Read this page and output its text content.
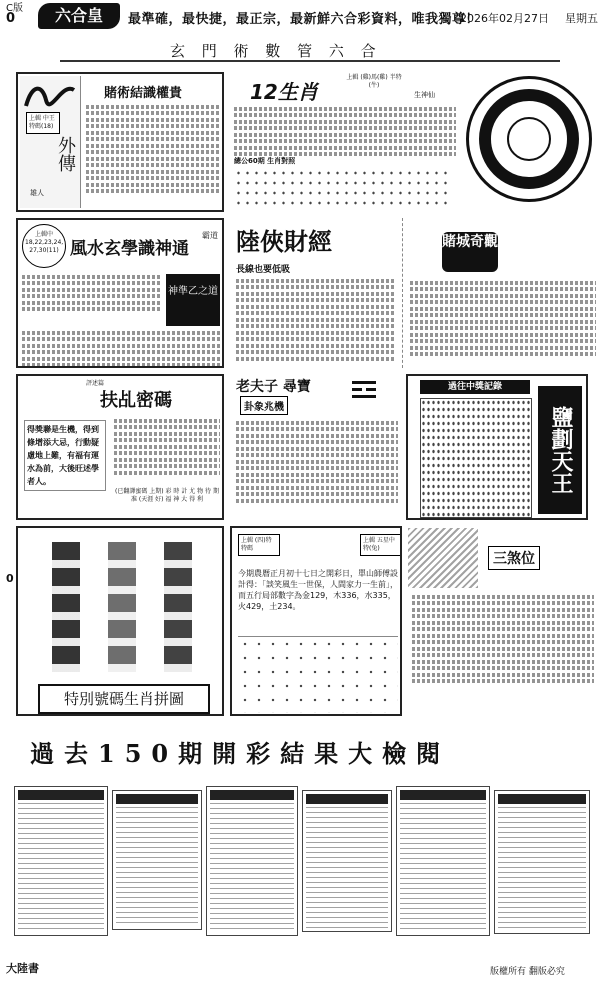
C版
0	六合皇	最準確，最快捷，最正宗，最新鮮六合彩資料，唯我獨尊！
2026年02月27日 星期五
玄 門 術 數 管 六 合
0
上輯 中王 特碼(18)
外傳
雄人
賭術結識權貴	12生肖
上輯 (雞)馬(雞) 半特(牛)
生神仙
總公60期 生肖對照
上輯中 18,22,23,24, 27,30(11) 風水玄學識神通
霸道
神準乙之道
陸俠財經
長線也要低吸
賭城奇觀
評述篇
扶乩密碼
得獎聯是生機，得到條增添大忌，行動疑慮地上難，有福有運水為前，大後旺述學者人。
(已翻譯蜜碼 上期) 彩 時 計 尤 物 待 期 准 (天涯 好) 福 神 大 得 利
老夫子 尋寶
卦象兆機
過往中獎記錄
鹽劃天王
特別號碼生肖拼圖
上輯 (四)特 特碼
上輯 五星中 特(兔)
今期農曆正月初十七日之開彩日，單山師傅設計得：「談笑風生一世保，人間家力一生前」，而五行局部數字為金129，木336，水335，火429，土234。
三煞位
過去150期開彩結果大檢閱
大陸書	版權所有 翻版必究
